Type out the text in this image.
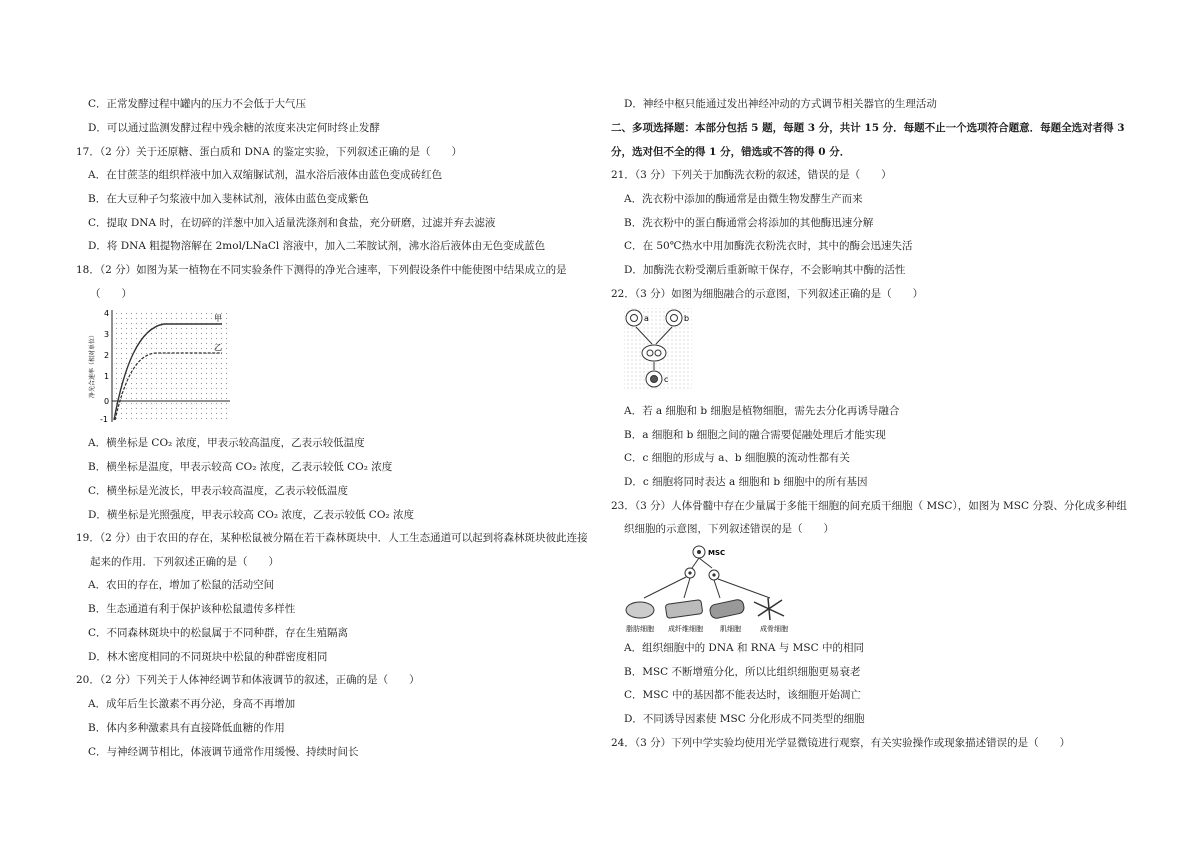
C．正常发酵过程中罐内的压力不会低于大气压
D．可以通过监测发酵过程中残余糖的浓度来决定何时终止发酵
17．（2 分）关于还原糖、蛋白质和 DNA 的鉴定实验，下列叙述正确的是（　　）
A．在甘蔗茎的组织样液中加入双缩脲试剂，温水浴后液体由蓝色变成砖红色
B．在大豆种子匀浆液中加入斐林试剂，液体由蓝色变成紫色
C．提取 DNA 时，在切碎的洋葱中加入适量洗涤剂和食盐，充分研磨，过滤并弃去滤液
D．将 DNA 粗提物溶解在 2mol/LNaCl 溶液中，加入二苯胺试剂，沸水浴后液体由无色变成蓝色
18．（2 分）如图为某一植物在不同实验条件下测得的净光合速率，下列假设条件中能使图中结果成立的是
（　　）
4
3
2
1
0
-1
净光合速率（相对单位）
甲
乙
A．横坐标是 CO₂ 浓度，甲表示较高温度，乙表示较低温度
B．横坐标是温度，甲表示较高 CO₂ 浓度，乙表示较低 CO₂ 浓度
C．横坐标是光波长，甲表示较高温度，乙表示较低温度
D．横坐标是光照强度，甲表示较高 CO₂ 浓度，乙表示较低 CO₂ 浓度
19．（2 分）由于农田的存在，某种松鼠被分隔在若干森林斑块中．人工生态通道可以起到将森林斑块彼此连接
起来的作用．下列叙述正确的是（　　）
A．农田的存在，增加了松鼠的活动空间
B．生态通道有利于保护该种松鼠遗传多样性
C．不同森林斑块中的松鼠属于不同种群，存在生殖隔离
D．林木密度相同的不同斑块中松鼠的种群密度相同
20．（2 分）下列关于人体神经调节和体液调节的叙述，正确的是（　　）
A．成年后生长激素不再分泌，身高不再增加
B．体内多种激素具有直接降低血糖的作用
C．与神经调节相比，体液调节通常作用缓慢、持续时间长
D．神经中枢只能通过发出神经冲动的方式调节相关器官的生理活动
二、多项选择题：本部分包括 5 题，每题 3 分，共计 15 分．每题不止一个选项符合题意．每题全选对者得 3
分，选对但不全的得 1 分，错选或不答的得 0 分．
21．（3 分）下列关于加酶洗衣粉的叙述，错误的是（　　）
A．洗衣粉中添加的酶通常是由微生物发酵生产而来
B．洗衣粉中的蛋白酶通常会将添加的其他酶迅速分解
C．在 50℃热水中用加酶洗衣粉洗衣时，其中的酶会迅速失活
D．加酶洗衣粉受潮后重新晾干保存，不会影响其中酶的活性
22．（3 分）如图为细胞融合的示意图，下列叙述正确的是（　　）
a	b
c
A．若 a 细胞和 b 细胞是植物细胞，需先去分化再诱导融合
B．a 细胞和 b 细胞之间的融合需要促融处理后才能实现
C．c 细胞的形成与 a、b 细胞膜的流动性都有关
D．c 细胞将同时表达 a 细胞和 b 细胞中的所有基因
23．（3 分）人体骨髓中存在少量属于多能干细胞的间充质干细胞（ MSC），如图为 MSC 分裂、分化成多种组
织细胞的示意图，下列叙述错误的是（　　）
MSC
脂肪细胞 成纤维细胞 肌细胞	成骨细胞
A．组织细胞中的 DNA 和 RNA 与 MSC 中的相同
B．MSC 不断增殖分化，所以比组织细胞更易衰老
C．MSC 中的基因都不能表达时，该细胞开始凋亡
D．不同诱导因素使 MSC 分化形成不同类型的细胞
24．（3 分）下列中学实验均使用光学显微镜进行观察，有关实验操作或现象描述错误的是（　　）
